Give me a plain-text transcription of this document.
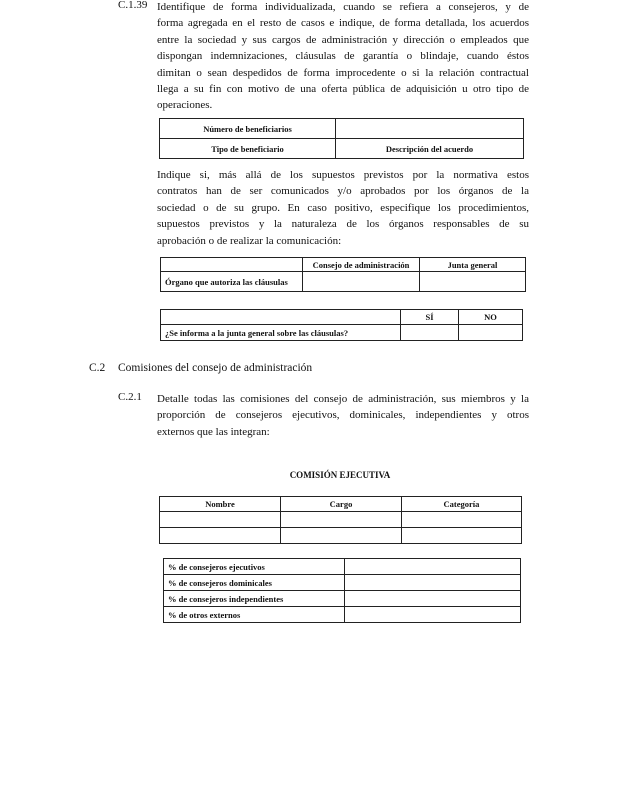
C.1.39 Identifique de forma individualizada, cuando se refiera a consejeros, y de
forma agregada en el resto de casos e indique, de forma detallada, los acuerdos
entre la sociedad y sus cargos de administración y dirección o empleados que
dispongan indemnizaciones, cláusulas de garantía o blindaje, cuando éstos
dimitan o sean despedidos de forma improcedente o si la relación contractual
llega a su fin con motivo de una oferta pública de adquisición u otro tipo de
operaciones.
Número de beneficiarios	
Tipo de beneficiario	Descripción del acuerdo
Indique si, más allá de los supuestos previstos por la normativa estos
contratos han de ser comunicados y/o aprobados por los órganos de la
sociedad o de su grupo. En caso positivo, especifique los procedimientos,
supuestos previstos y la naturaleza de los órganos responsables de su
aprobación o de realizar la comunicación:
	Consejo de administración	Junta general
Órgano que autoriza las cláusulas		
	SÍ	NO
¿Se informa a la junta general sobre las cláusulas?		
C.2 Comisiones del consejo de administración
C.2.1 Detalle todas las comisiones del consejo de administración, sus miembros y la
proporción de consejeros ejecutivos, dominicales, independientes y otros
externos que las integran:
COMISIÓN EJECUTIVA
Nombre	Cargo	Categoría

% de consejeros ejecutivos	
% de consejeros dominicales	
% de consejeros independientes	
% de otros externos	
